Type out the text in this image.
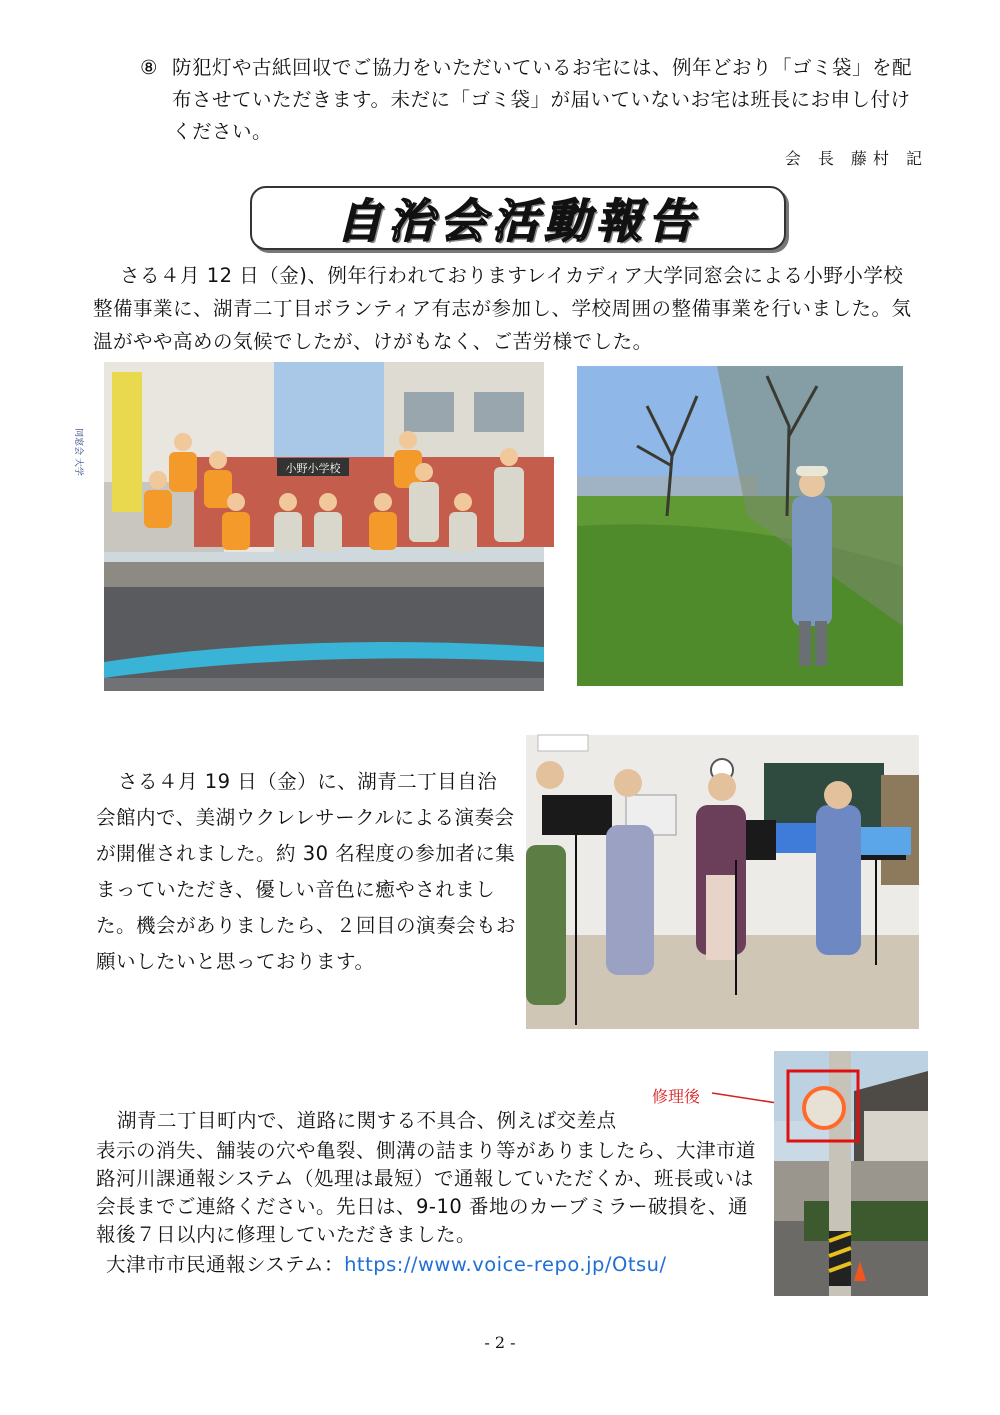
⑧ 防犯灯や古紙回収でご協力をいただいているお宅には、例年どおり「ゴミ袋」を配
布させていただきます。未だに「ゴミ袋」が届いていないお宅は班長にお申し付け
ください。
会 長 藤村 記
自治会活動報告
さる４月 12 日（金)、例年行われておりますレイカディア大学同窓会による小野小学校
整備事業に、湖青二丁目ボランティア有志が参加し、学校周囲の整備事業を行いました。気
温がやや高めの気候でしたが、けがもなく、ご苦労様でした。
小野小学校
同窓会 大学
さる４月 19 日（金）に、湖青二丁目自治
会館内で、美湖ウクレレサークルによる演奏会
が開催されました。約 30 名程度の参加者に集
まっていただき、優しい音色に癒やされまし
た。機会がありましたら、２回目の演奏会もお
願いしたいと思っております。
修理後
湖青二丁目町内で、道路に関する不具合、例えば交差点
表示の消失、舗装の穴や亀裂、側溝の詰まり等がありましたら、大津市道
路河川課通報システム（処理は最短）で通報していただくか、班長或いは
会長までご連絡ください。先日は、9-10 番地のカーブミラー破損を、通
報後７日以内に修理していただきました。
大津市市民通報システム：https://www.voice-repo.jp/Otsu/
- 2 -
